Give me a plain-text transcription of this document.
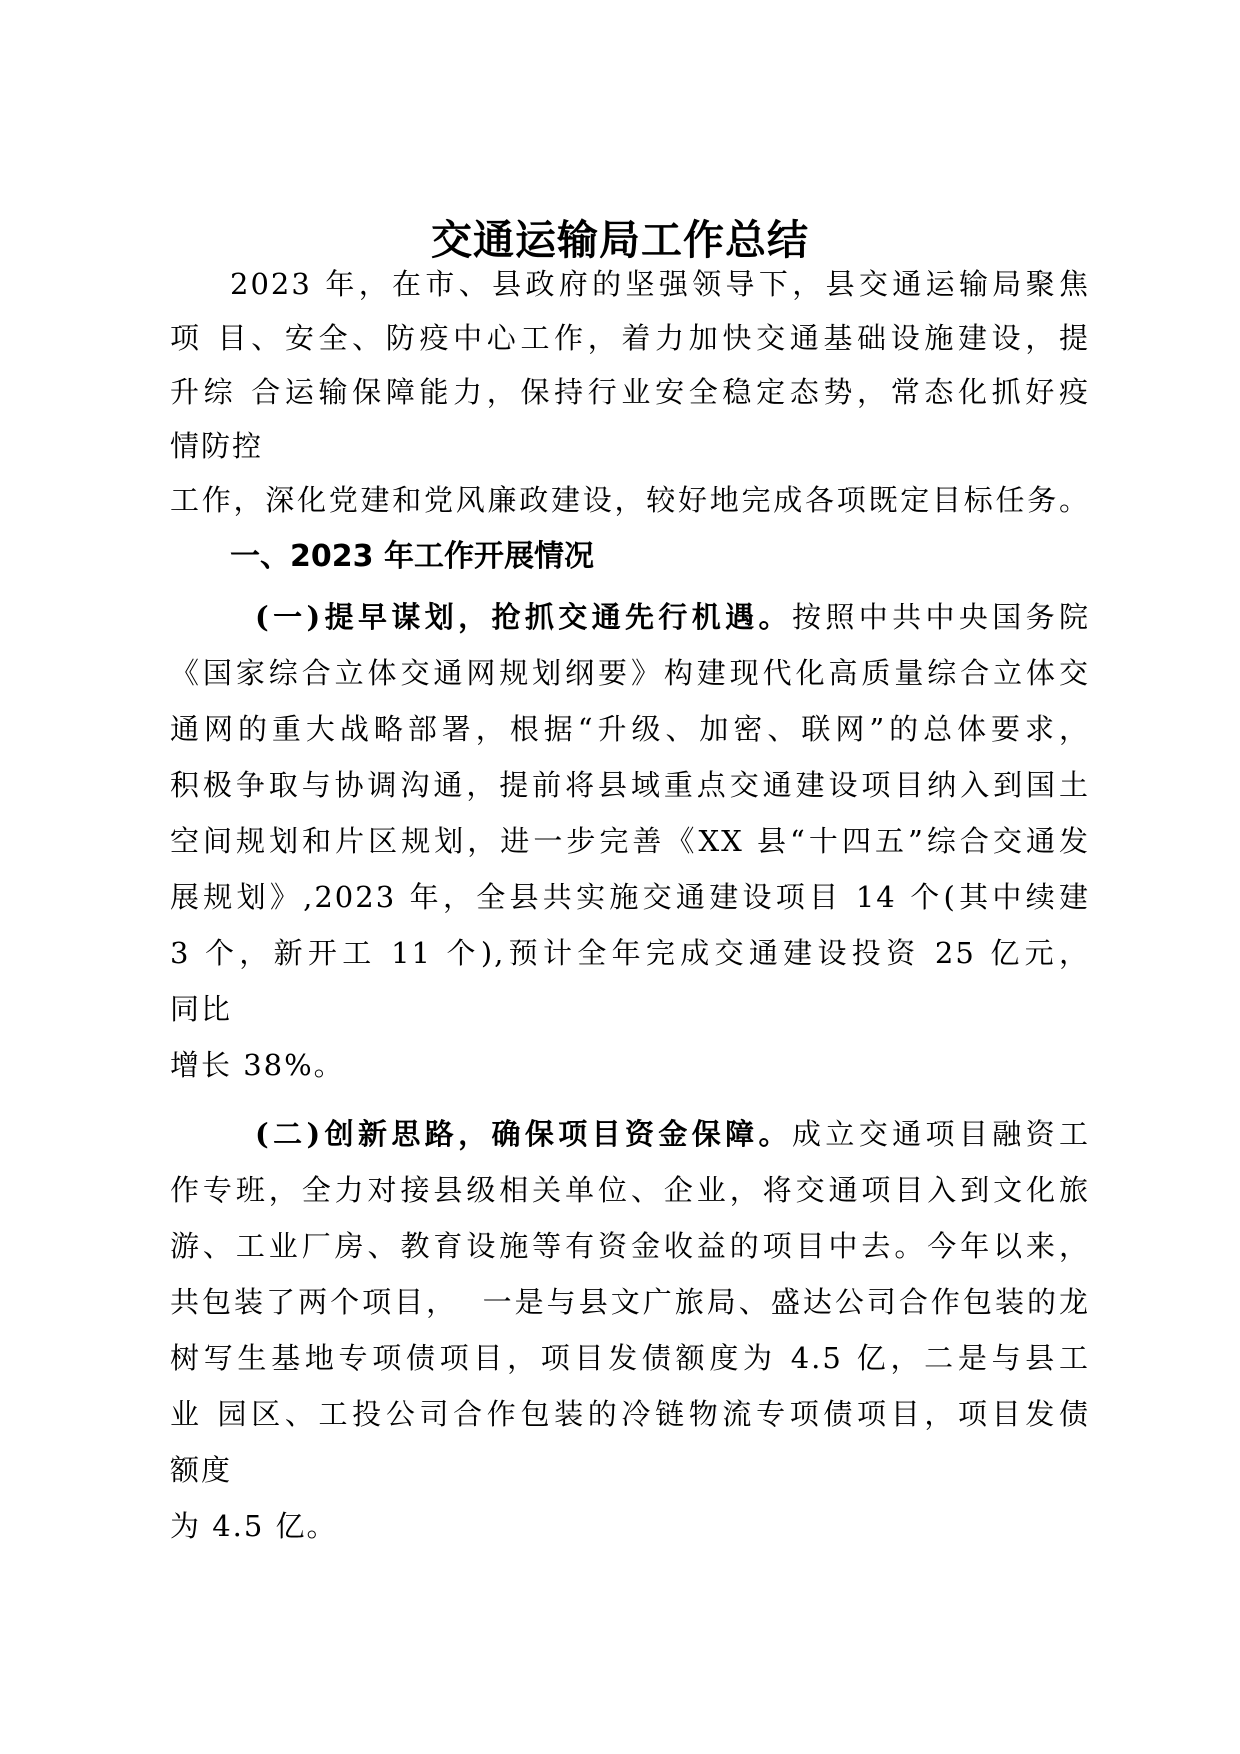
交通运输局工作总结
2023 年，在市、县政府的坚强领导下，县交通运输局聚焦
项 目、安全、防疫中心工作，着力加快交通基础设施建设，提
升综 合运输保障能力，保持行业安全稳定态势，常态化抓好疫
情防控
工作，深化党建和党风廉政建设，较好地完成各项既定目标任务。
一、2023 年工作开展情况
(一)提早谋划，抢抓交通先行机遇。按照中共中央国务院
《国家综合立体交通网规划纲要》构建现代化高质量综合立体交
通网的重大战略部署，根据“升级、加密、联网”的总体要求，
积极争取与协调沟通，提前将县域重点交通建设项目纳入到国土
空间规划和片区规划，进一步完善《XX 县“十四五”综合交通发
展规划》,2023 年，全县共实施交通建设项目 14 个(其中续建
3 个，新开工 11 个),预计全年完成交通建设投资 25 亿元，
同比
增长 38%。
(二)创新思路，确保项目资金保障。成立交通项目融资工
作专班，全力对接县级相关单位、企业，将交通项目入到文化旅
游、工业厂房、教育设施等有资金收益的项目中去。今年以来，
共包装了两个项目，  一是与县文广旅局、盛达公司合作包装的龙
树写生基地专项债项目，项目发债额度为 4.5 亿，二是与县工
业 园区、工投公司合作包装的冷链物流专项债项目，项目发债
额度
为 4.5 亿。
